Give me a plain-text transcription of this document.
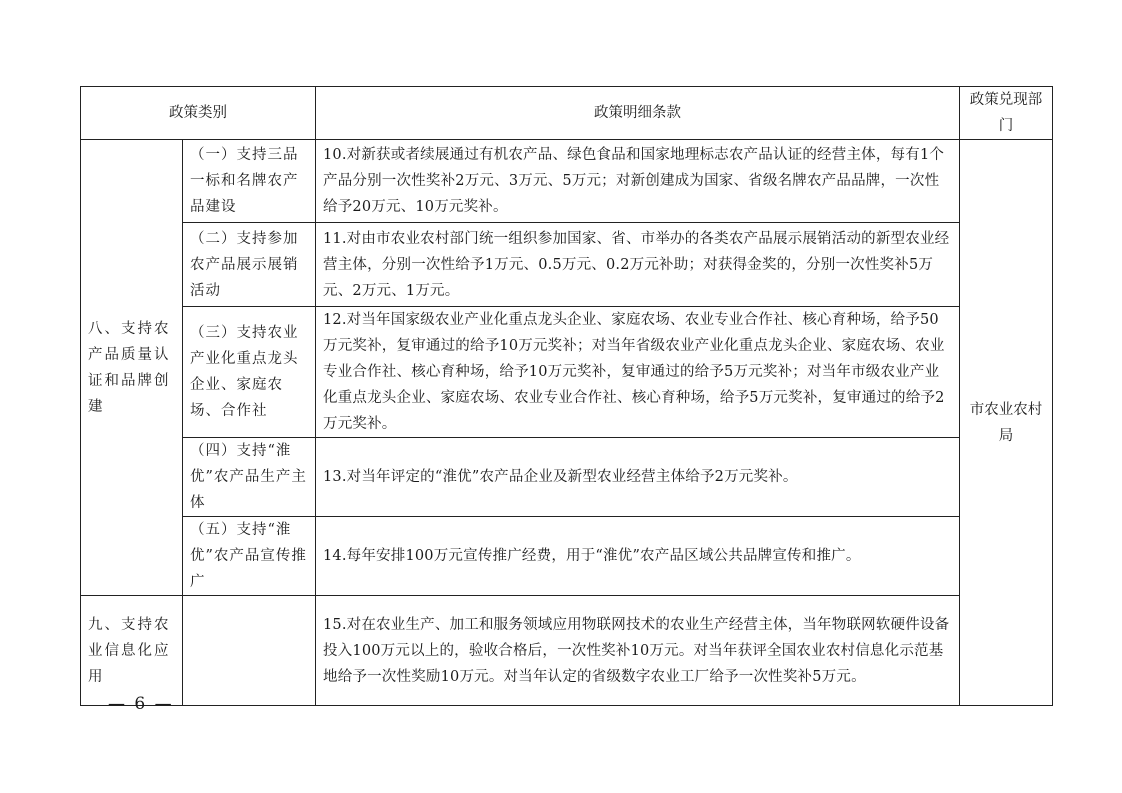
政策类别		政策明细条款	政策兑现部门
八、支持农产品质量认证和品牌创建	（一）支持三品一标和名牌农产品建设	10.对新获或者续展通过有机农产品、绿色食品和国家地理标志农产品认证的经营主体，每有1个产品分别一次性奖补2万元、3万元、5万元；对新创建成为国家、省级名牌农产品品牌，一次性给予20万元、10万元奖补。	市农业农村局
	（二）支持参加农产品展示展销活动	11.对由市农业农村部门统一组织参加国家、省、市举办的各类农产品展示展销活动的新型农业经营主体，分别一次性给予1万元、0.5万元、0.2万元补助；对获得金奖的，分别一次性奖补5万元、2万元、1万元。	
	（三）支持农业产业化重点龙头企业、家庭农场、合作社	12.对当年国家级农业产业化重点龙头企业、家庭农场、农业专业合作社、核心育种场，给予50万元奖补，复审通过的给予10万元奖补；对当年省级农业产业化重点龙头企业、家庭农场、农业专业合作社、核心育种场，给予10万元奖补，复审通过的给予5万元奖补；对当年市级农业产业化重点龙头企业、家庭农场、农业专业合作社、核心育种场，给予5万元奖补，复审通过的给予2万元奖补。	
	（四）支持“淮优”农产品生产主体	13.对当年评定的“淮优”农产品企业及新型农业经营主体给予2万元奖补。	
	（五）支持“淮优”农产品宣传推广	14.每年安排100万元宣传推广经费，用于“淮优”农产品区域公共品牌宣传和推广。	
九、支持农业信息化应用		15.对在农业生产、加工和服务领域应用物联网技术的农业生产经营主体，当年物联网软硬件设备投入100万元以上的，验收合格后，一次性奖补10万元。对当年获评全国农业农村信息化示范基地给予一次性奖励10万元。对当年认定的省级数字农业工厂给予一次性奖补5万元。	
— 6 —
